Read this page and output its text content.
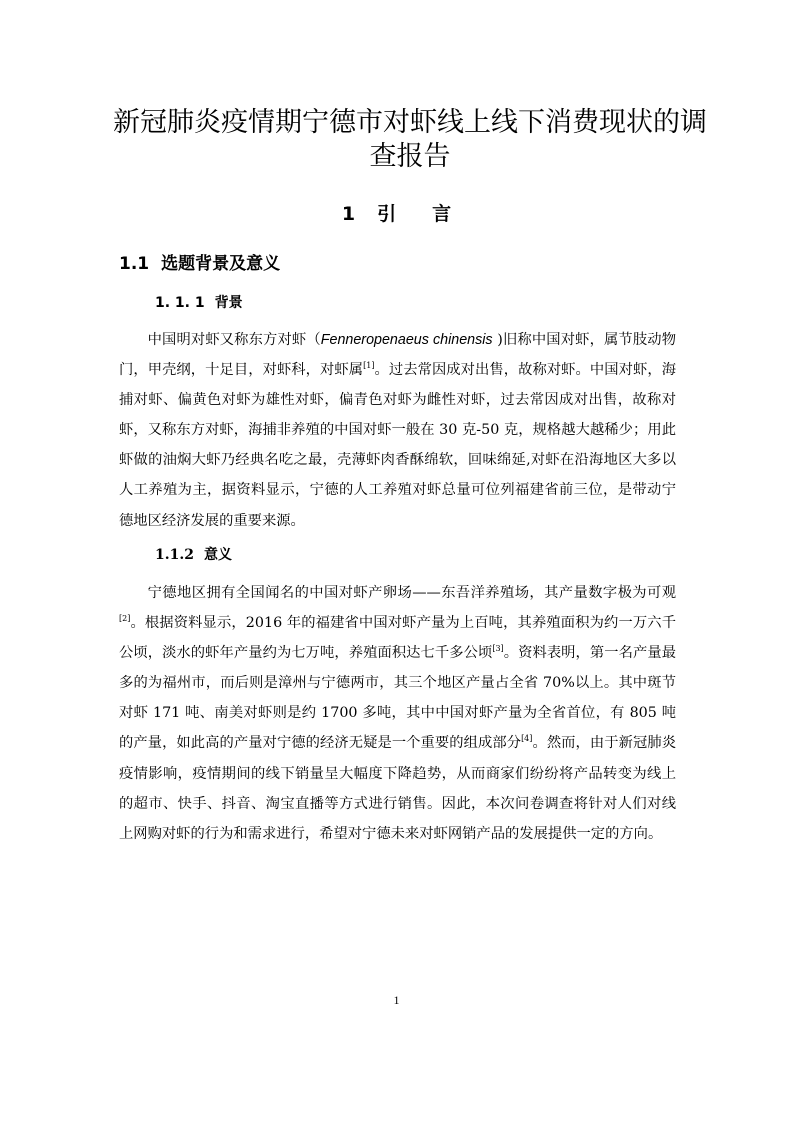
新冠肺炎疫情期宁德市对虾线上线下消费现状的调查报告
1 引 言
1.1 选题背景及意义
1. 1. 1 背景

中国明对虾又称东方对虾（Fenneropenaeus chinensis )旧称中国对虾，属节肢动物门，甲壳纲，十足目，对虾科，对虾属[1]。过去常因成对出售，故称对虾。中国对虾，海捕对虾、偏黄色对虾为雄性对虾，偏青色对虾为雌性对虾，过去常因成对出售，故称对虾，又称东方对虾，海捕非养殖的中国对虾一般在 30 克-50 克，规格越大越稀少；用此虾做的油焖大虾乃经典名吃之最，壳薄虾肉香酥绵软，回味绵延,对虾在沿海地区大多以人工养殖为主，据资料显示，宁德的人工养殖对虾总量可位列福建省前三位，是带动宁德地区经济发展的重要来源。

1.1.2 意义

宁德地区拥有全国闻名的中国对虾产卵场——东吾洋养殖场，其产量数字极为可观[2]。根据资料显示，2016 年的福建省中国对虾产量为上百吨，其养殖面积为约一万六千公顷，淡水的虾年产量约为七万吨，养殖面积达七千多公顷[3]。资料表明，第一名产量最多的为福州市，而后则是漳州与宁德两市，其三个地区产量占全省 70%以上。其中斑节对虾 171 吨、南美对虾则是约 1700 多吨，其中中国对虾产量为全省首位，有 805 吨的产量，如此高的产量对宁德的经济无疑是一个重要的组成部分[4]。然而，由于新冠肺炎疫情影响，疫情期间的线下销量呈大幅度下降趋势，从而商家们纷纷将产品转变为线上的超市、快手、抖音、淘宝直播等方式进行销售。因此，本次问卷调查将针对人们对线上网购对虾的行为和需求进行，希望对宁德未来对虾网销产品的发展提供一定的方向。

1
